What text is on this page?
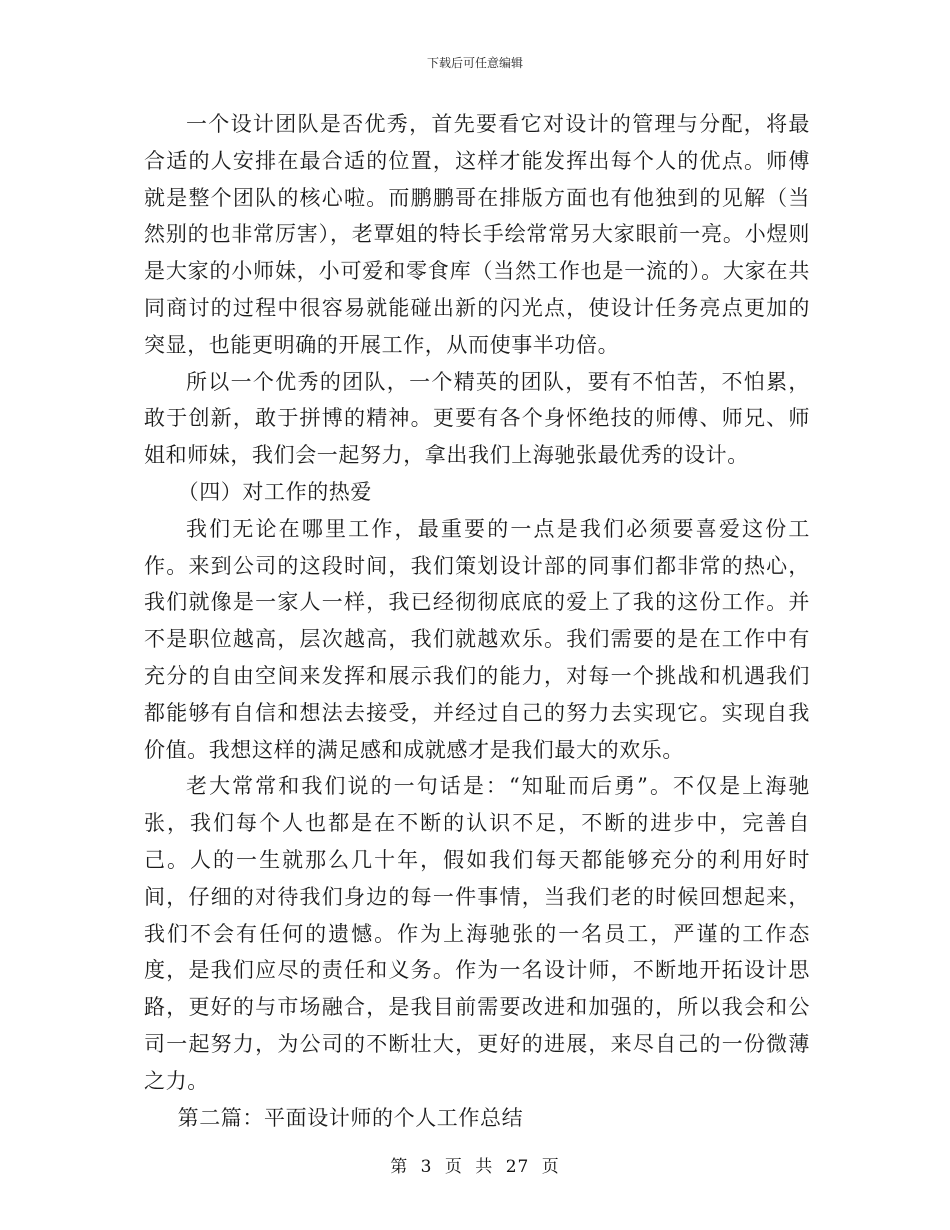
下载后可任意编辑

一个设计团队是否优秀，首先要看它对设计的管理与分配，将最合适的人安排在最合适的位置，这样才能发挥出每个人的优点。师傅就是整个团队的核心啦。而鹏鹏哥在排版方面也有他独到的见解（当然别的也非常厉害），老覃姐的特长手绘常常另大家眼前一亮。小煜则是大家的小师妹，小可爱和零食库（当然工作也是一流的）。大家在共同商讨的过程中很容易就能碰出新的闪光点，使设计任务亮点更加的突显，也能更明确的开展工作，从而使事半功倍。

所以一个优秀的团队，一个精英的团队，要有不怕苦，不怕累，敢于创新，敢于拼博的精神。更要有各个身怀绝技的师傅、师兄、师姐和师妹，我们会一起努力，拿出我们上海驰张最优秀的设计。

（四）对工作的热爱

我们无论在哪里工作，最重要的一点是我们必须要喜爱这份工作。来到公司的这段时间，我们策划设计部的同事们都非常的热心，我们就像是一家人一样，我已经彻彻底底的爱上了我的这份工作。并不是职位越高，层次越高，我们就越欢乐。我们需要的是在工作中有充分的自由空间来发挥和展示我们的能力，对每一个挑战和机遇我们都能够有自信和想法去接受，并经过自己的努力去实现它。实现自我价值。我想这样的满足感和成就感才是我们最大的欢乐。

老大常常和我们说的一句话是：“知耻而后勇”。不仅是上海驰张，我们每个人也都是在不断的认识不足，不断的进步中，完善自己。人的一生就那么几十年，假如我们每天都能够充分的利用好时间，仔细的对待我们身边的每一件事情，当我们老的时候回想起来，我们不会有任何的遗憾。作为上海驰张的一名员工，严谨的工作态度，是我们应尽的责任和义务。作为一名设计师，不断地开拓设计思路，更好的与市场融合，是我目前需要改进和加强的，所以我会和公司一起努力，为公司的不断壮大，更好的进展，来尽自己的一份微薄之力。

第二篇：平面设计师的个人工作总结

第 3 页 共 27 页
